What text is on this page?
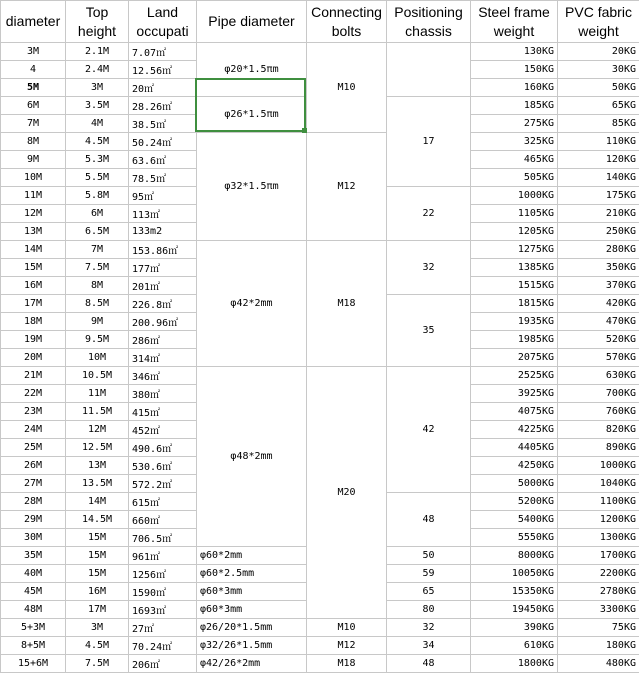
diameter	Top height	Land occupati	Pipe diameter	Connecting bolts	Positioning chassis	Steel frame weight	PVC fabric weight
3M	2.1M	7.07㎡	φ20*1.5πm	M10		130KG	20KG
4	2.4M	12.56㎡				150KG	30KG
5M	3M	20㎡				160KG	50KG
6M	3.5M	28.26㎡	φ26*1.5πm		17	185KG	65KG
7M	4M	38.5㎡				275KG	85KG
8M	4.5M	50.24㎡	φ32*1.5πm	M12		325KG	110KG
9M	5.3M	63.6㎡				465KG	120KG
10M	5.5M	78.5㎡				505KG	140KG
11M	5.8M	95㎡			22	1000KG	175KG
12M	6M	113㎡				1105KG	210KG
13M	6.5M	133m2				1205KG	250KG
14M	7M	153.86㎡	φ42*2mm	M18	32	1275KG	280KG
15M	7.5M	177㎡				1385KG	350KG
16M	8M	201㎡				1515KG	370KG
17M	8.5M	226.8㎡			35	1815KG	420KG
18M	9M	200.96㎡				1935KG	470KG
19M	9.5M	286㎡				1985KG	520KG
20M	10M	314㎡				2075KG	570KG
21M	10.5M	346㎡	φ48*2mm	M20	42	2525KG	630KG
22M	11M	380㎡				3925KG	700KG
23M	11.5M	415㎡				4075KG	760KG
24M	12M	452㎡				4225KG	820KG
25M	12.5M	490.6㎡				4405KG	890KG
26M	13M	530.6㎡				4250KG	1000KG
27M	13.5M	572.2㎡				5000KG	1040KG
28M	14M	615㎡			48	5200KG	1100KG
29M	14.5M	660㎡				5400KG	1200KG
30M	15M	706.5㎡				5550KG	1300KG
35M	15M	961㎡	φ60*2mm		50	8000KG	1700KG
40M	15M	1256㎡	φ60*2.5mm		59	10050KG	2200KG
45M	16M	1590㎡	φ60*3mm		65	15350KG	2780KG
48M	17M	1693㎡	φ60*3mm		80	19450KG	3300KG
5+3M	3M	27㎡	φ26/20*1.5mm	M10	32	390KG	75KG
8+5M	4.5M	70.24㎡	φ32/26*1.5mm	M12	34	610KG	180KG
15+6M	7.5M	206㎡	φ42/26*2mm	M18	48	1800KG	480KG
